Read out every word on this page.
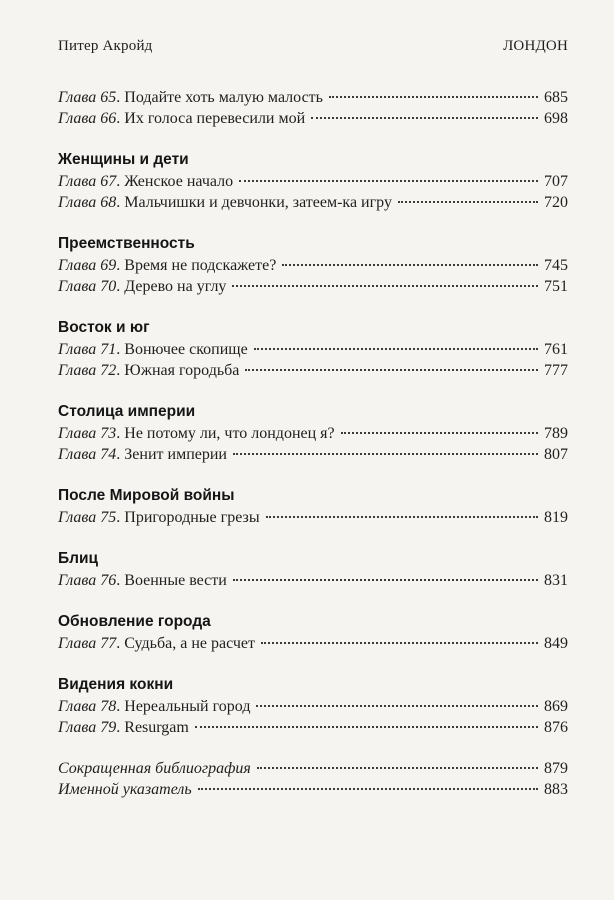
Питер Акройд	ЛОНДОН
Глава 65. Подайте хоть малую малость	685
Глава 66. Их голоса перевесили мой	698
Женщины и дети
Глава 67. Женское начало	707
Глава 68. Мальчишки и девчонки, затеем-ка игру	720
Преемственность
Глава 69. Время не подскажете?	745
Глава 70. Дерево на углу	751
Восток и юг
Глава 71. Вонючее скопище	761
Глава 72. Южная городьба	777
Столица империи
Глава 73. Не потому ли, что лондонец я?	789
Глава 74. Зенит империи	807
После Мировой войны
Глава 75. Пригородные грезы	819
Блиц
Глава 76. Военные вести	831
Обновление города
Глава 77. Судьба, а не расчет	849
Видения кокни
Глава 78. Нереальный город	869
Глава 79. Resurgam	876
Сокращенная библиография	879
Именной указатель	883
